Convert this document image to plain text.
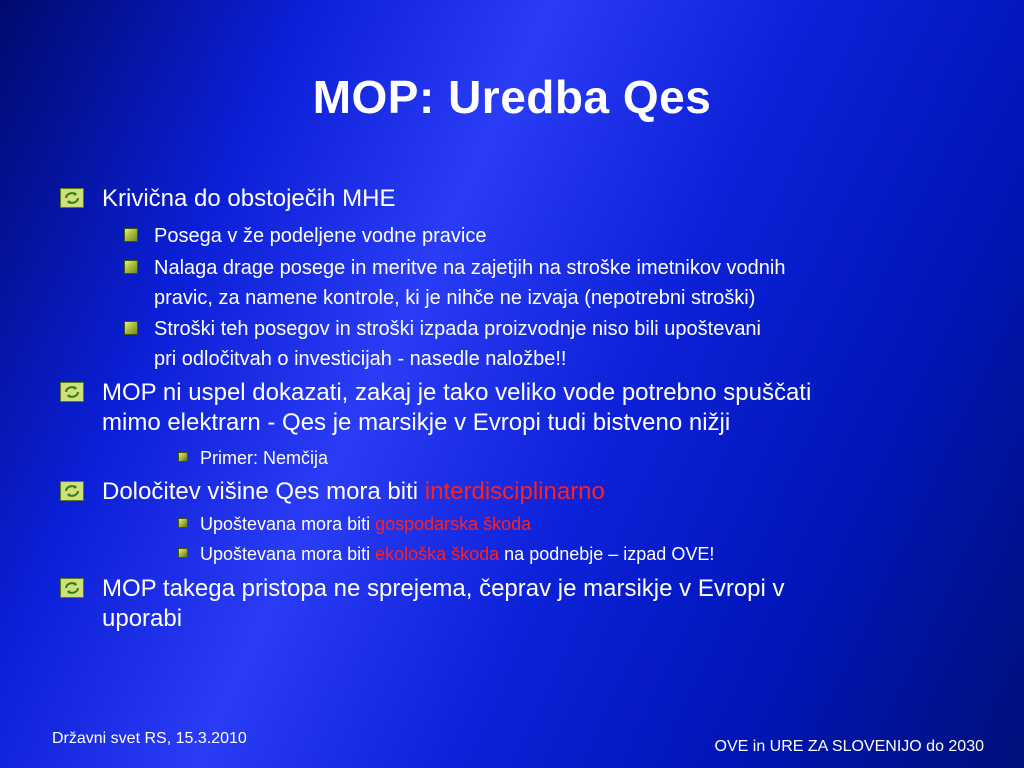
MOP: Uredba Qes
Krivična do obstoječih MHE
Posega v že podeljene vodne pravice
Nalaga drage posege in meritve na zajetjih na stroške imetnikov vodnih
pravic, za namene kontrole, ki je nihče ne izvaja (nepotrebni stroški)
Stroški teh posegov in stroški izpada proizvodnje niso bili upoštevani
pri odločitvah o investicijah - nasedle naložbe!!
MOP ni uspel dokazati, zakaj je tako veliko vode potrebno spuščati
mimo elektrarn - Qes je marsikje v Evropi tudi bistveno nižji
Primer: Nemčija
Določitev višine Qes mora biti interdisciplinarno
Upoštevana mora biti gospodarska škoda
Upoštevana mora biti ekološka škoda na podnebje – izpad OVE!
MOP takega pristopa ne sprejema, čeprav je marsikje v Evropi v
uporabi
Državni svet RS, 15.3.2010	OVE in URE ZA SLOVENIJO do 2030
